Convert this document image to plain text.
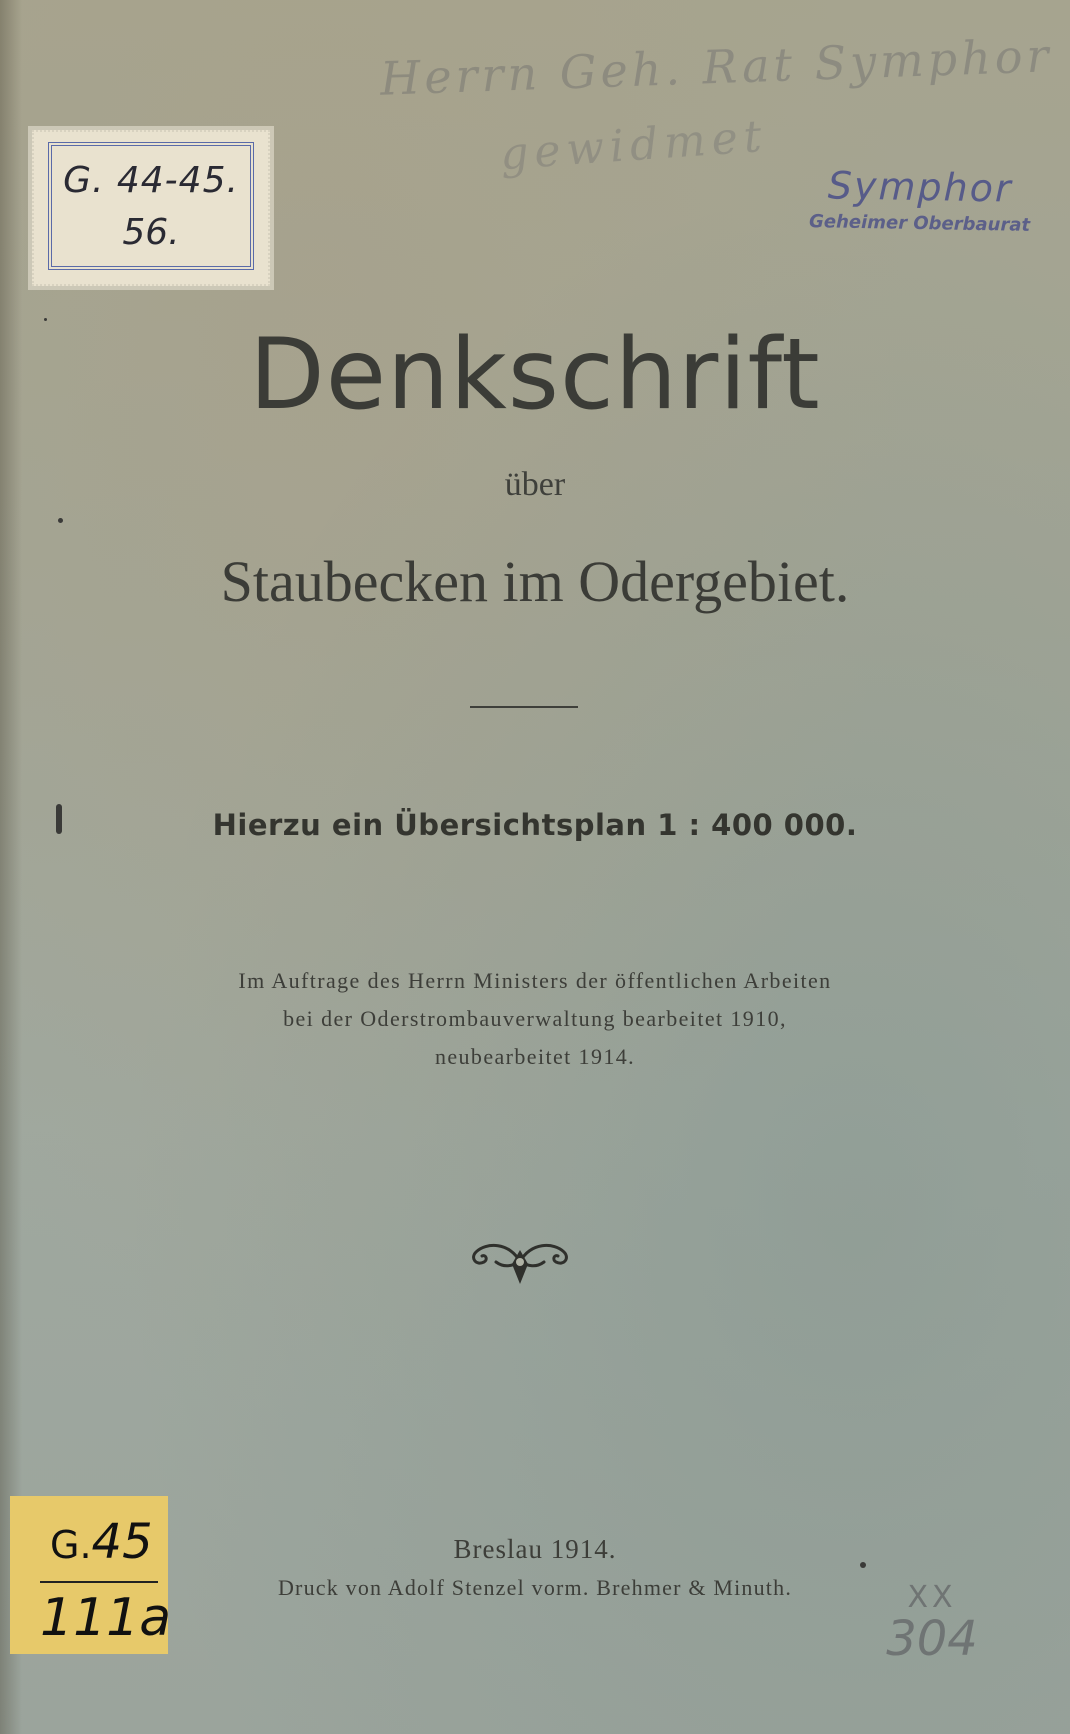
Herrn Geh. Rat Symphor
gewidmet
G. 44-45.
56.
Symphor
Geheimer Oberbaurat
Denkschrift
über
Staubecken im Odergebiet.
Hierzu ein Übersichtsplan 1 : 400 000.
Im Auftrage des Herrn Ministers der öffentlichen Arbeiten
bei der Oderstrombauverwaltung bearbeitet 1910,
neubearbeitet 1914.
Breslau 1914.
Druck von Adolf Stenzel vorm. Brehmer & Minuth.
G.45
111a	XX
304
